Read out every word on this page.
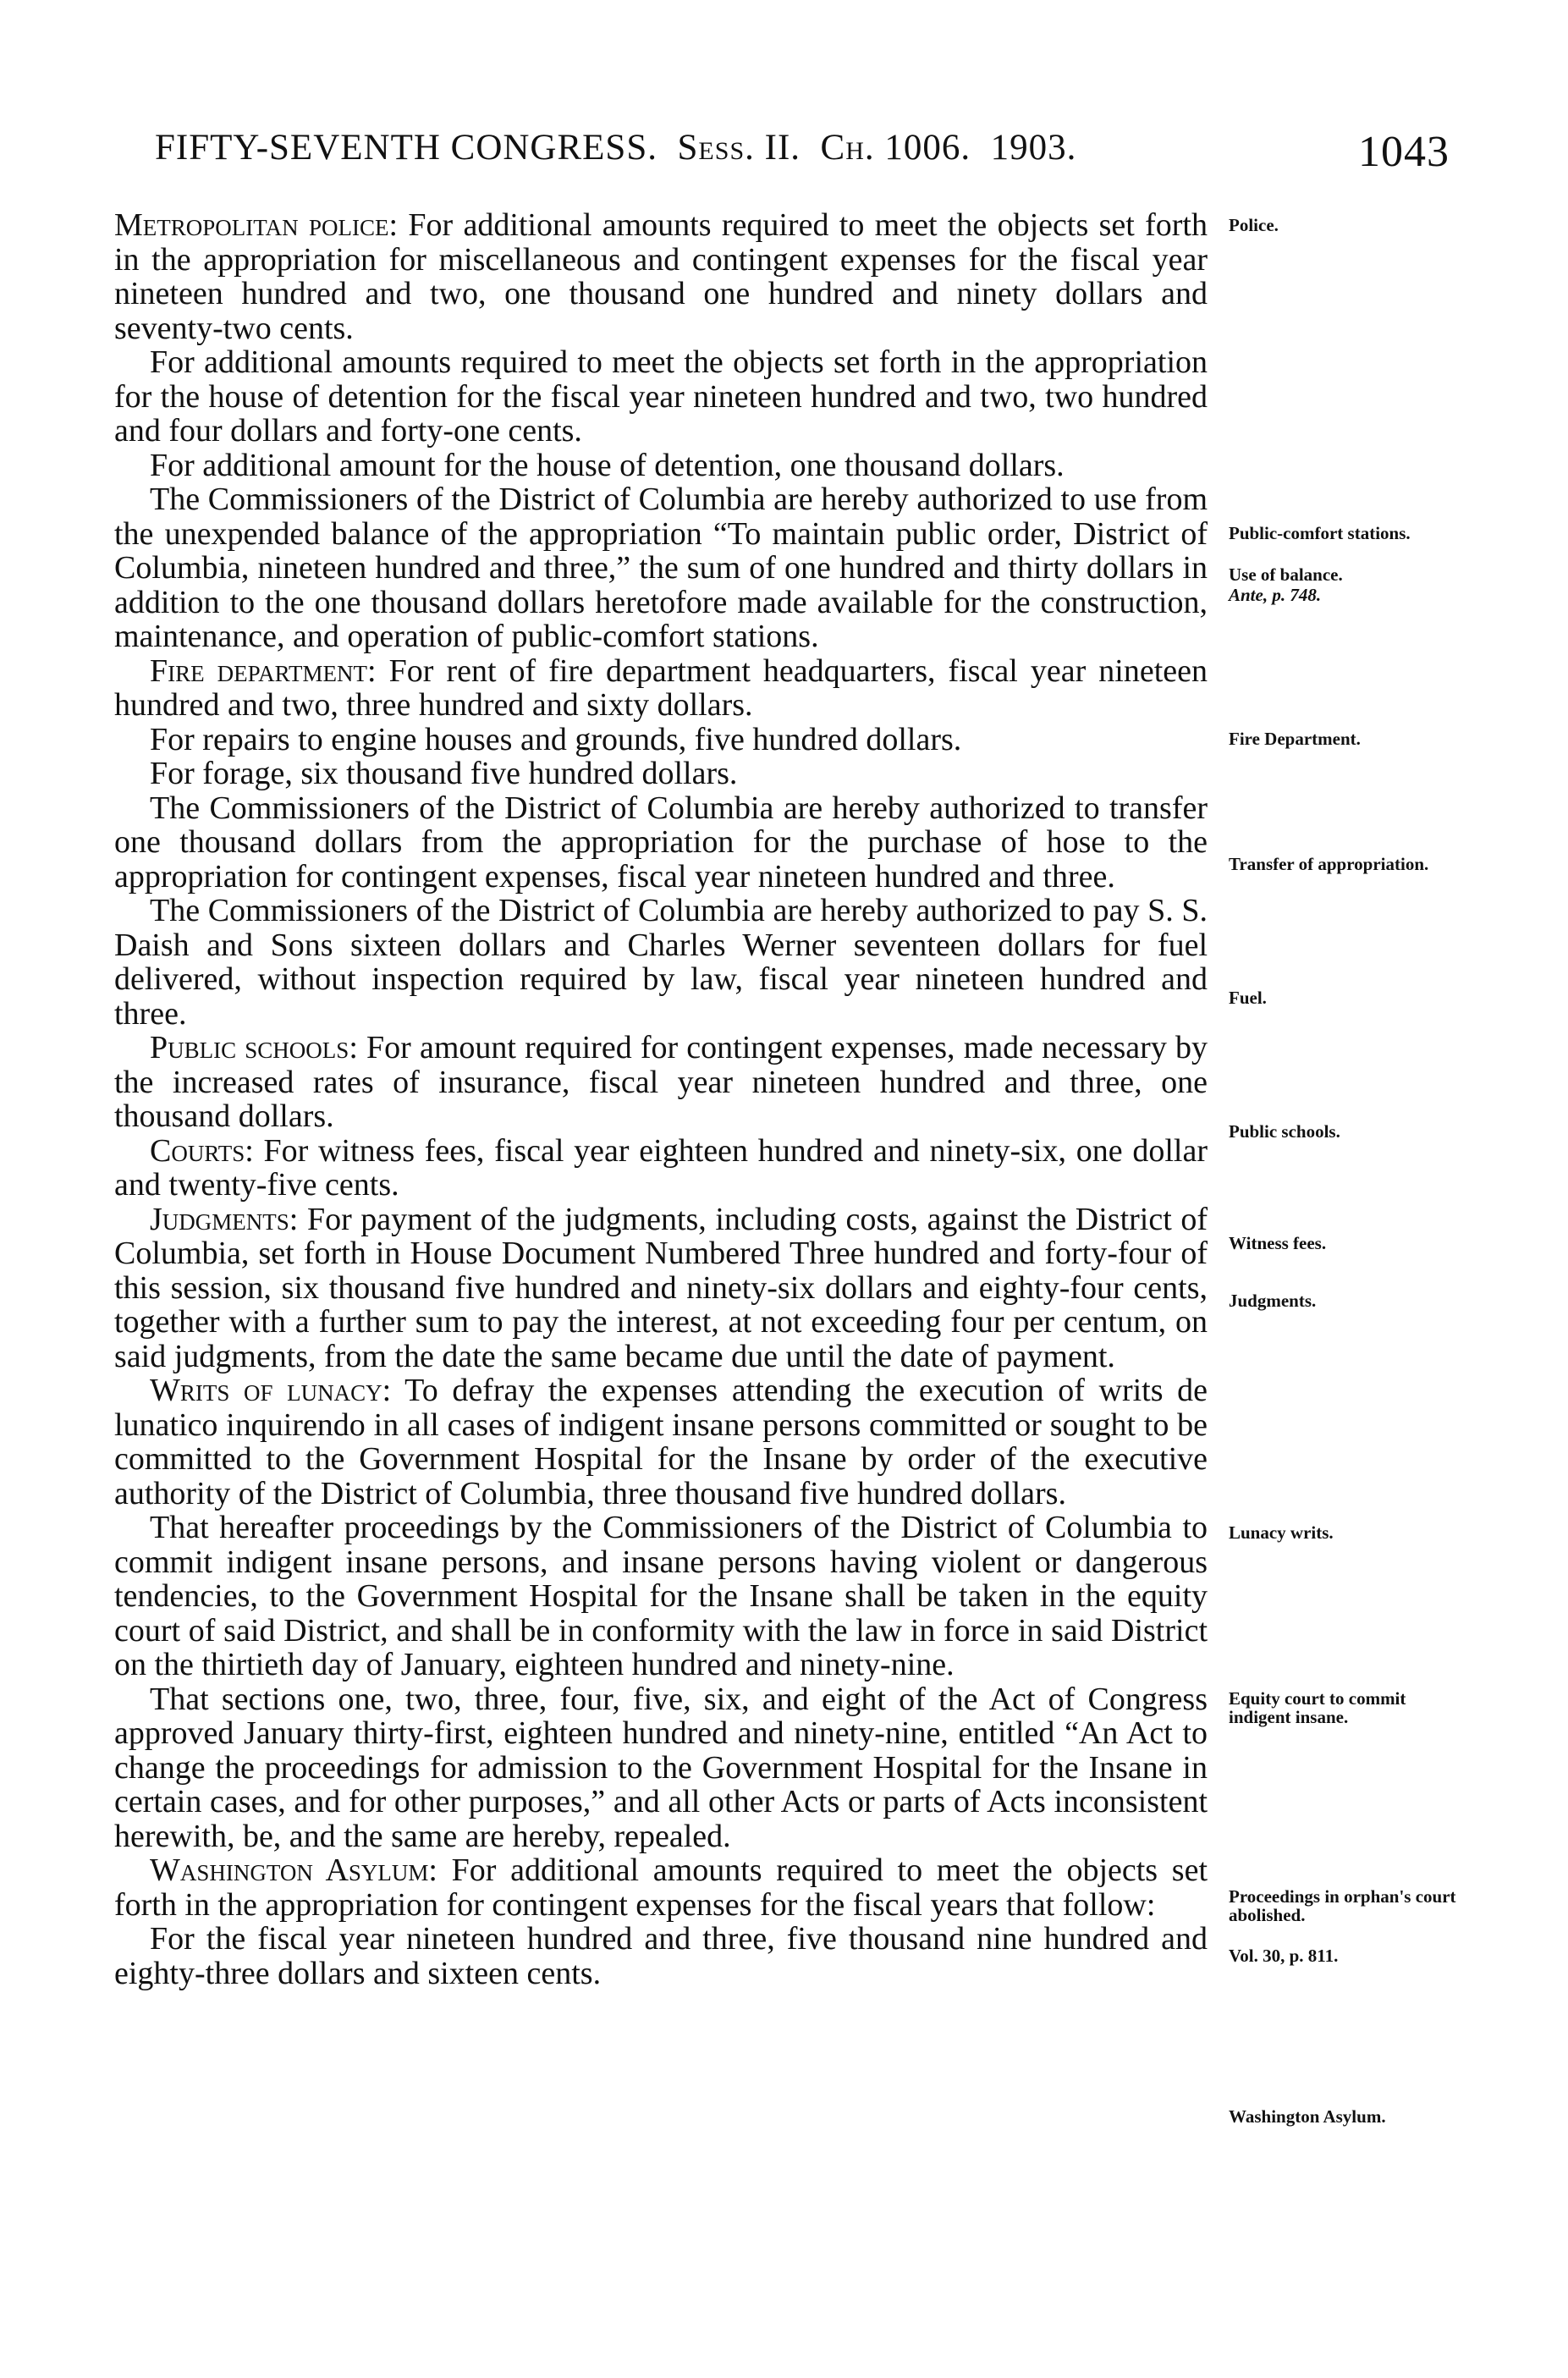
FIFTY-SEVENTH CONGRESS. Sess. II. Ch. 1006. 1903.	1043

Metropolitan police: For additional amounts required to meet the objects set forth in the appropriation for miscellaneous and contingent expenses for the fiscal year nineteen hundred and two, one thousand one hundred and ninety dollars and seventy-two cents.

For additional amounts required to meet the objects set forth in the appropriation for the house of detention for the fiscal year nineteen hundred and two, two hundred and four dollars and forty-one cents.

For additional amount for the house of detention, one thousand dollars.

The Commissioners of the District of Columbia are hereby authorized to use from the unexpended balance of the appropriation “To maintain public order, District of Columbia, nineteen hundred and three,” the sum of one hundred and thirty dollars in addition to the one thousand dollars heretofore made available for the construction, maintenance, and operation of public-comfort stations.

Fire department: For rent of fire department headquarters, fiscal year nineteen hundred and two, three hundred and sixty dollars.

For repairs to engine houses and grounds, five hundred dollars.

For forage, six thousand five hundred dollars.

The Commissioners of the District of Columbia are hereby authorized to transfer one thousand dollars from the appropriation for the purchase of hose to the appropriation for contingent expenses, fiscal year nineteen hundred and three.

The Commissioners of the District of Columbia are hereby authorized to pay S. S. Daish and Sons sixteen dollars and Charles Werner seventeen dollars for fuel delivered, without inspection required by law, fiscal year nineteen hundred and three.

Public schools: For amount required for contingent expenses, made necessary by the increased rates of insurance, fiscal year nineteen hundred and three, one thousand dollars.

Courts: For witness fees, fiscal year eighteen hundred and ninety-six, one dollar and twenty-five cents.

Judgments: For payment of the judgments, including costs, against the District of Columbia, set forth in House Document Numbered Three hundred and forty-four of this session, six thousand five hundred and ninety-six dollars and eighty-four cents, together with a further sum to pay the interest, at not exceeding four per centum, on said judgments, from the date the same became due until the date of payment.

Writs of lunacy: To defray the expenses attending the execution of writs de lunatico inquirendo in all cases of indigent insane persons committed or sought to be committed to the Government Hospital for the Insane by order of the executive authority of the District of Columbia, three thousand five hundred dollars.

That hereafter proceedings by the Commissioners of the District of Columbia to commit indigent insane persons, and insane persons having violent or dangerous tendencies, to the Government Hospital for the Insane shall be taken in the equity court of said District, and shall be in conformity with the law in force in said District on the thirtieth day of January, eighteen hundred and ninety-nine.

That sections one, two, three, four, five, six, and eight of the Act of Congress approved January thirty-first, eighteen hundred and ninety-nine, entitled “An Act to change the proceedings for admission to the Government Hospital for the Insane in certain cases, and for other purposes,” and all other Acts or parts of Acts inconsistent herewith, be, and the same are hereby, repealed.

Washington Asylum: For additional amounts required to meet the objects set forth in the appropriation for contingent expenses for the fiscal years that follow:

For the fiscal year nineteen hundred and three, five thousand nine hundred and eighty-three dollars and sixteen cents.

Police.
Public-comfort stations.
Use of balance.
Ante, p. 748.
Fire Department.
Transfer of appropriation.
Fuel.
Public schools.
Witness fees.
Judgments.
Lunacy writs.
Equity court to commit indigent insane.
Proceedings in orphan's court abolished.
Vol. 30, p. 811.
Washington Asylum.
